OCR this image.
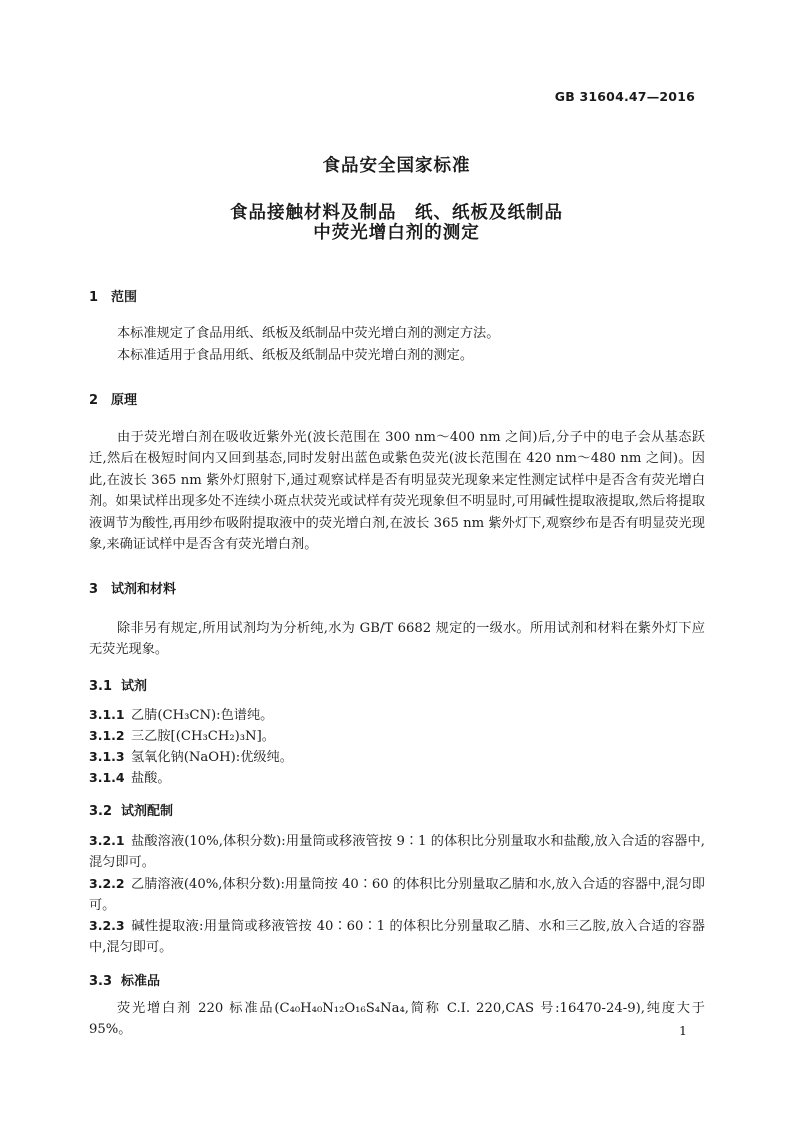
GB 31604.47—2016
食品安全国家标准
食品接触材料及制品　纸、纸板及纸制品
中荧光增白剂的测定
1 范围

本标准规定了食品用纸、纸板及纸制品中荧光增白剂的测定方法。

本标准适用于食品用纸、纸板及纸制品中荧光增白剂的测定。

2 原理

由于荧光增白剂在吸收近紫外光(波长范围在 300 nm～400 nm 之间)后,分子中的电子会从基态跃迁,然后在极短时间内又回到基态,同时发射出蓝色或紫色荧光(波长范围在 420 nm～480 nm 之间)。因此,在波长 365 nm 紫外灯照射下,通过观察试样是否有明显荧光现象来定性测定试样中是否含有荧光增白剂。如果试样出现多处不连续小斑点状荧光或试样有荧光现象但不明显时,可用碱性提取液提取,然后将提取液调节为酸性,再用纱布吸附提取液中的荧光增白剂,在波长 365 nm 紫外灯下,观察纱布是否有明显荧光现象,来确证试样中是否含有荧光增白剂。

3 试剂和材料

除非另有规定,所用试剂均为分析纯,水为 GB/T 6682 规定的一级水。所用试剂和材料在紫外灯下应无荧光现象。

3.1 试剂

3.1.1 乙腈(CH₃CN):色谱纯。

3.1.2 三乙胺[(CH₃CH₂)₃N]。

3.1.3 氢氧化钠(NaOH):优级纯。

3.1.4 盐酸。

3.2 试剂配制

3.2.1 盐酸溶液(10%,体积分数):用量筒或移液管按 9∶1 的体积比分别量取水和盐酸,放入合适的容器中,混匀即可。

3.2.2 乙腈溶液(40%,体积分数):用量筒按 40∶60 的体积比分别量取乙腈和水,放入合适的容器中,混匀即可。

3.2.3 碱性提取液:用量筒或移液管按 40∶60∶1 的体积比分别量取乙腈、水和三乙胺,放入合适的容器中,混匀即可。

3.3 标准品

荧光增白剂 220 标准品(C₄₀H₄₀N₁₂O₁₆S₄Na₄,简称 C.I. 220,CAS 号:16470-24-9),纯度大于 95%。	1
